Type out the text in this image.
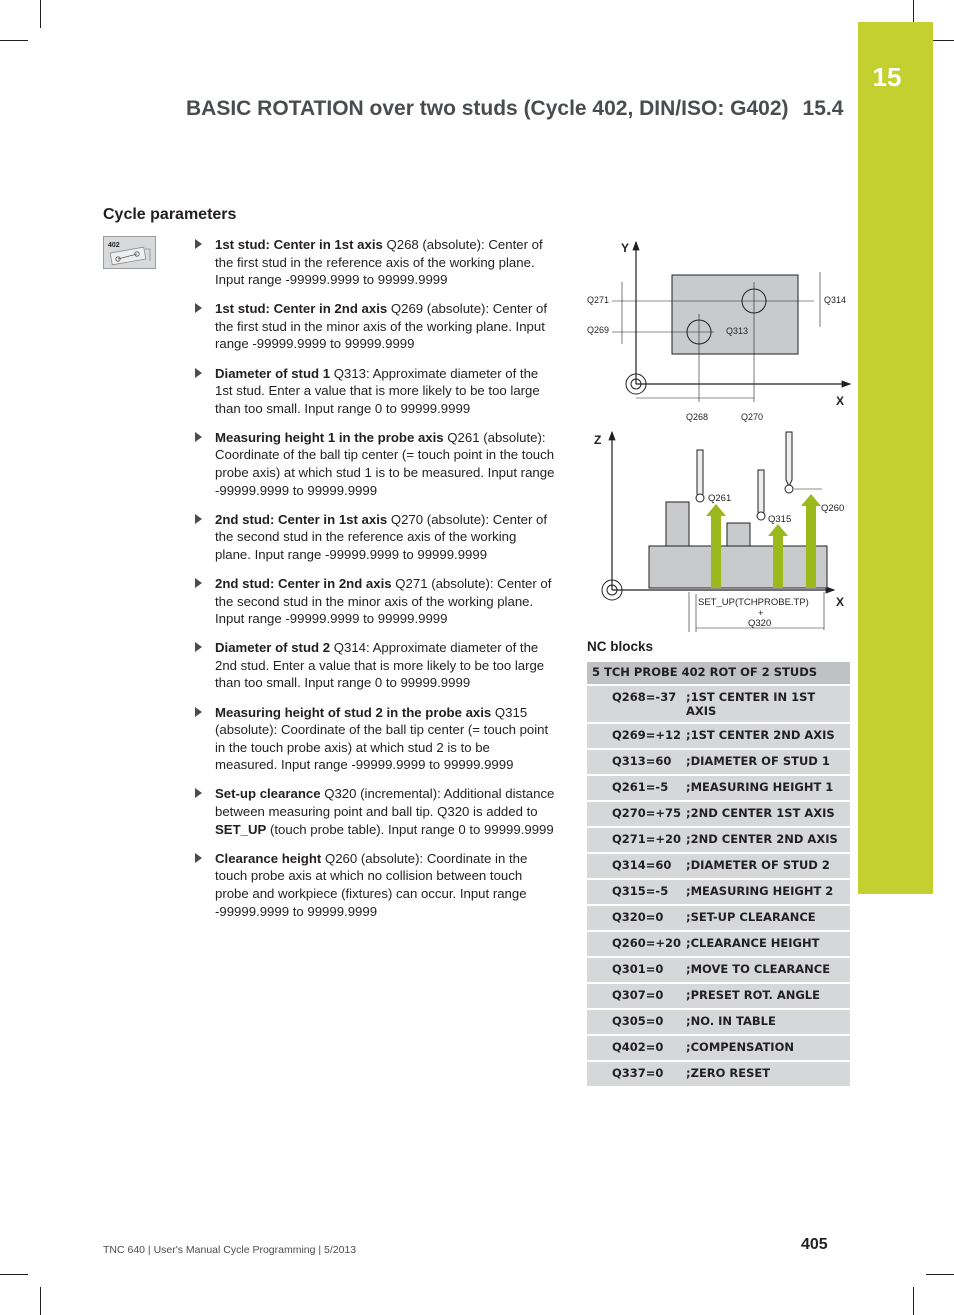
15
BASIC ROTATION over two studs (Cycle 402, DIN/ISO: G402) 15.4
Cycle parameters
402	1st stud: Center in 1st axis Q268 (absolute): Center of the first stud in the reference axis of the working plane. Input range -99999.9999 to 99999.9999
1st stud: Center in 2nd axis Q269 (absolute): Center of the first stud in the minor axis of the working plane. Input range -99999.9999 to 99999.9999
Diameter of stud 1 Q313: Approximate diameter of the 1st stud. Enter a value that is more likely to be too large than too small. Input range 0 to 99999.9999
Measuring height 1 in the probe axis Q261 (absolute): Coordinate of the ball tip center (= touch point in the touch probe axis) at which stud 1 is to be measured. Input range -99999.9999 to 99999.9999
2nd stud: Center in 1st axis Q270 (absolute): Center of the second stud in the reference axis of the working plane. Input range -99999.9999 to 99999.9999
2nd stud: Center in 2nd axis Q271 (absolute): Center of the second stud in the minor axis of the working plane. Input range -99999.9999 to 99999.9999
Diameter of stud 2 Q314: Approximate diameter of the 2nd stud. Enter a value that is more likely to be too large than too small. Input range 0 to 99999.9999
Measuring height of stud 2 in the probe axis Q315 (absolute): Coordinate of the ball tip center (= touch point in the touch probe axis) at which stud 2 is to be measured. Input range -99999.9999 to 99999.9999
Set-up clearance Q320 (incremental): Additional distance between measuring point and ball tip. Q320 is added to SET_UP (touch probe table). Input range 0 to 99999.9999
Clearance height Q260 (absolute): Coordinate in the touch probe axis at which no collision between touch probe and workpiece (fixtures) can occur. Input range -99999.9999 to 99999.9999
Y
X
Q271
Q269	Q313
Q314
Q268	Q270
Z
X
Q261
Q315
Q260
SET_UP(TCHPROBE.TP)
+
Q320
NC blocks
5 TCH PROBE 402 ROT OF 2 STUDS	
Q268=-37	;1ST CENTER IN 1ST AXIS
Q269=+12	;1ST CENTER 2ND AXIS
Q313=60	;DIAMETER OF STUD 1
Q261=-5	;MEASURING HEIGHT 1
Q270=+75	;2ND CENTER 1ST AXIS
Q271=+20	;2ND CENTER 2ND AXIS
Q314=60	;DIAMETER OF STUD 2
Q315=-5	;MEASURING HEIGHT 2
Q320=0	;SET-UP CLEARANCE
Q260=+20	;CLEARANCE HEIGHT
Q301=0	;MOVE TO CLEARANCE
Q307=0	;PRESET ROT. ANGLE
Q305=0	;NO. IN TABLE
Q402=0	;COMPENSATION
Q337=0	;ZERO RESET
TNC 640 | User's Manual Cycle Programming | 5/2013	405
